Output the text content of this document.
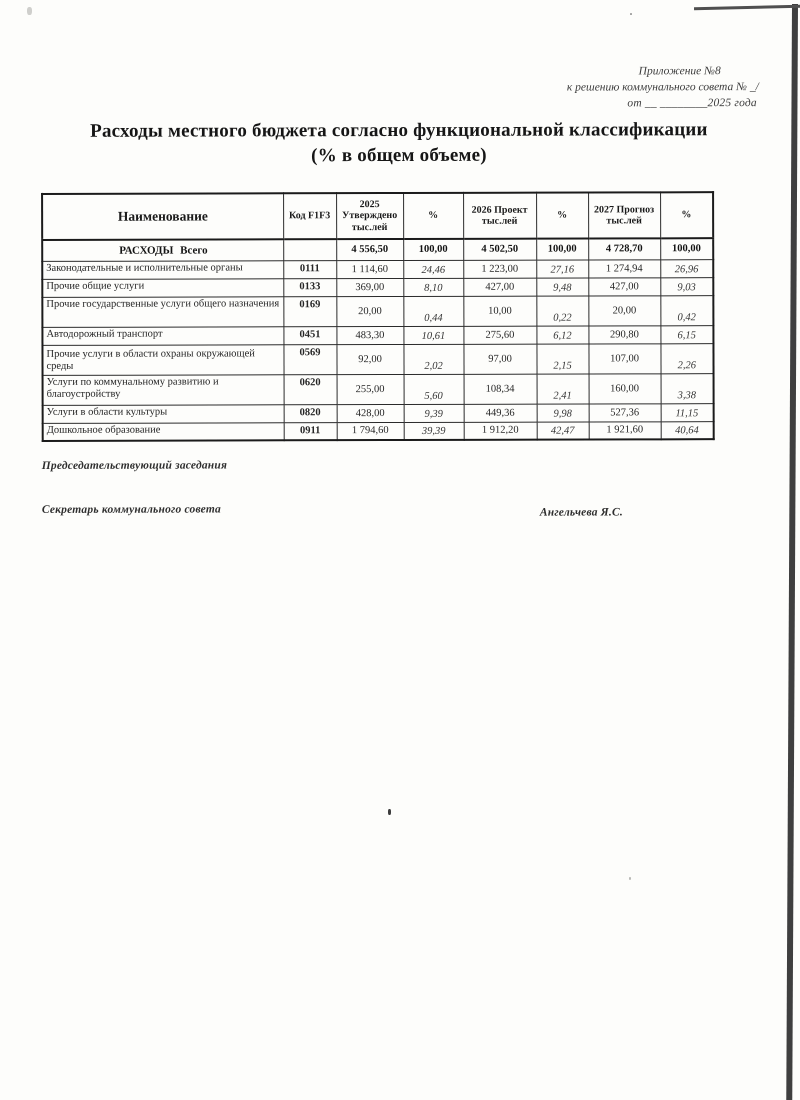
Приложение №8
к решению коммунального совета № _/
от __ ________2025 года
Расходы местного бюджета согласно функциональной классификации
(% в общем объеме)
Наименование	Код F1F3	2025 Утверждено тыс.лей	%	2026 Проект тыс.лей	%	2027 Прогноз тыс.лей	%
РАСХОДЫ Всего		4 556,50	100,00	4 502,50	100,00	4 728,70	100,00
Законодательные и исполнительные органы	0111	1 114,60	24,46	1 223,00	27,16	1 274,94	26,96
Прочие общие услуги	0133	369,00	8,10	427,00	9,48	427,00	9,03
Прочие государственные услуги общего назначения	0169	20,00	0,44	10,00	0,22	20,00	0,42
Автодорожный транспорт	0451	483,30	10,61	275,60	6,12	290,80	6,15
Прочие услуги в области охраны окружающей среды	0569	92,00	2,02	97,00	2,15	107,00	2,26
Услуги по коммунальному развитию и благоустройству	0620	255,00	5,60	108,34	2,41	160,00	3,38
Услуги в области культуры	0820	428,00	9,39	449,36	9,98	527,36	11,15
Дошкольное образование	0911	1 794,60	39,39	1 912,20	42,47	1 921,60	40,64
Председательствующий заседания
Секретарь коммунального совета	Ангельчева Я.С.
